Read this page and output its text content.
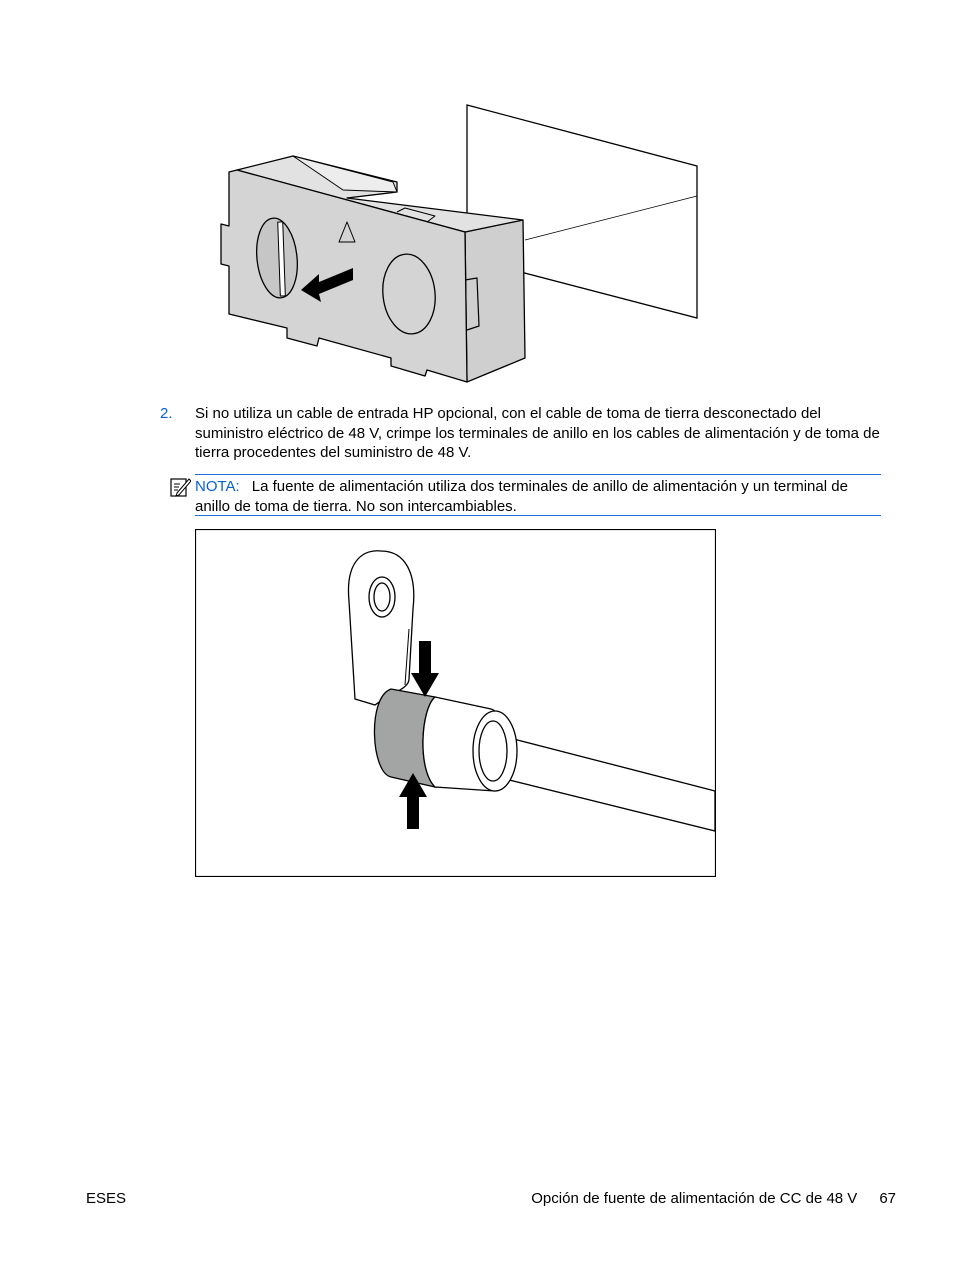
2. Si no utiliza un cable de entrada HP opcional, con el cable de toma de tierra desconectado del suministro eléctrico de 48 V, crimpe los terminales de anillo en los cables de alimentación y de toma de tierra procedentes del suministro de 48 V.
NOTA: La fuente de alimentación utiliza dos terminales de anillo de alimentación y un terminal de anillo de toma de tierra. No son intercambiables.
ESES	Opción de fuente de alimentación de CC de 48 V 67
